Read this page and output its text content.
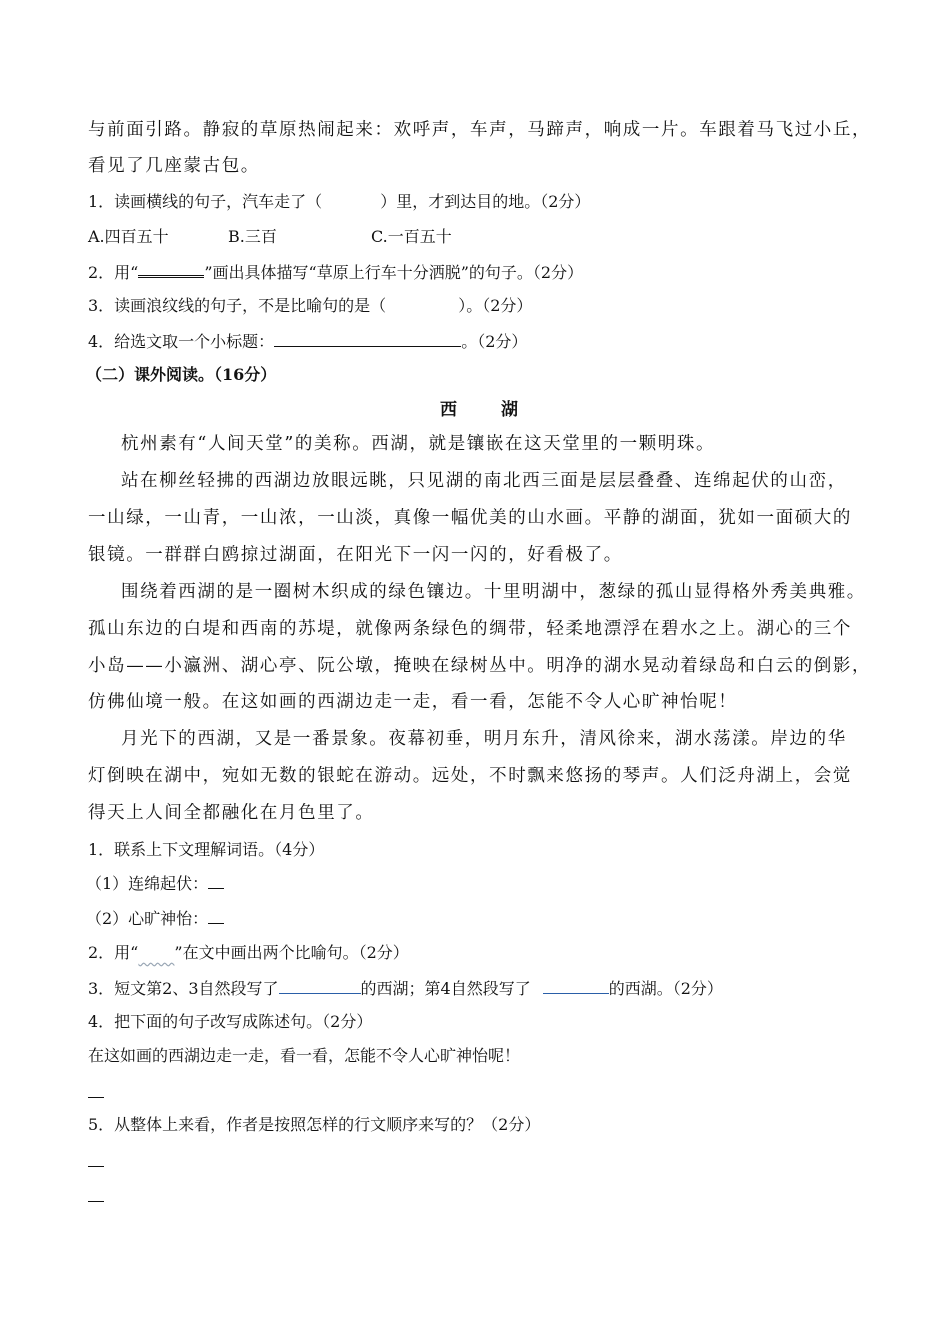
与前面引路。静寂的草原热闹起来：欢呼声，车声，马蹄声，响成一片。车跟着马飞过小丘，
看见了几座蒙古包。
1．读画横线的句子，汽车走了（	）里，才到达目的地。（2分）
A.四百五十	B.三百	C.一百五十
2．用“	”画出具体描写“草原上行车十分洒脱”的句子。（2分）
3．读画浪纹线的句子，不是比喻句的是（	）。（2分）
4．给选文取一个小标题：	。（2分）
（二）课外阅读。（16分）
西湖
杭州素有“人间天堂”的美称。西湖，就是镶嵌在这天堂里的一颗明珠。
站在柳丝轻拂的西湖边放眼远眺，只见湖的南北西三面是层层叠叠、连绵起伏的山峦，
一山绿，一山青，一山浓，一山淡，真像一幅优美的山水画。平静的湖面，犹如一面硕大的
银镜。一群群白鸥掠过湖面，在阳光下一闪一闪的，好看极了。
围绕着西湖的是一圈树木织成的绿色镶边。十里明湖中，葱绿的孤山显得格外秀美典雅。
孤山东边的白堤和西南的苏堤，就像两条绿色的绸带，轻柔地漂浮在碧水之上。湖心的三个
小岛——小瀛洲、湖心亭、阮公墩，掩映在绿树丛中。明净的湖水晃动着绿岛和白云的倒影，
仿佛仙境一般。在这如画的西湖边走一走，看一看，怎能不令人心旷神怡呢！
月光下的西湖，又是一番景象。夜幕初垂，明月东升，清风徐来，湖水荡漾。岸边的华
灯倒映在湖中，宛如无数的银蛇在游动。远处，不时飘来悠扬的琴声。人们泛舟湖上，会觉
得天上人间全都融化在月色里了。
1．联系上下文理解词语。（4分）
（1）连绵起伏：
（2）心旷神怡：
2．用“ ”在文中画出两个比喻句。（2分）
3．短文第2、3自然段写了	的西湖；第4自然段写了	的西湖。（2分）
4．把下面的句子改写成陈述句。（2分）
在这如画的西湖边走一走，看一看，怎能不令人心旷神怡呢！
5．从整体上来看，作者是按照怎样的行文顺序来写的？（2分）
